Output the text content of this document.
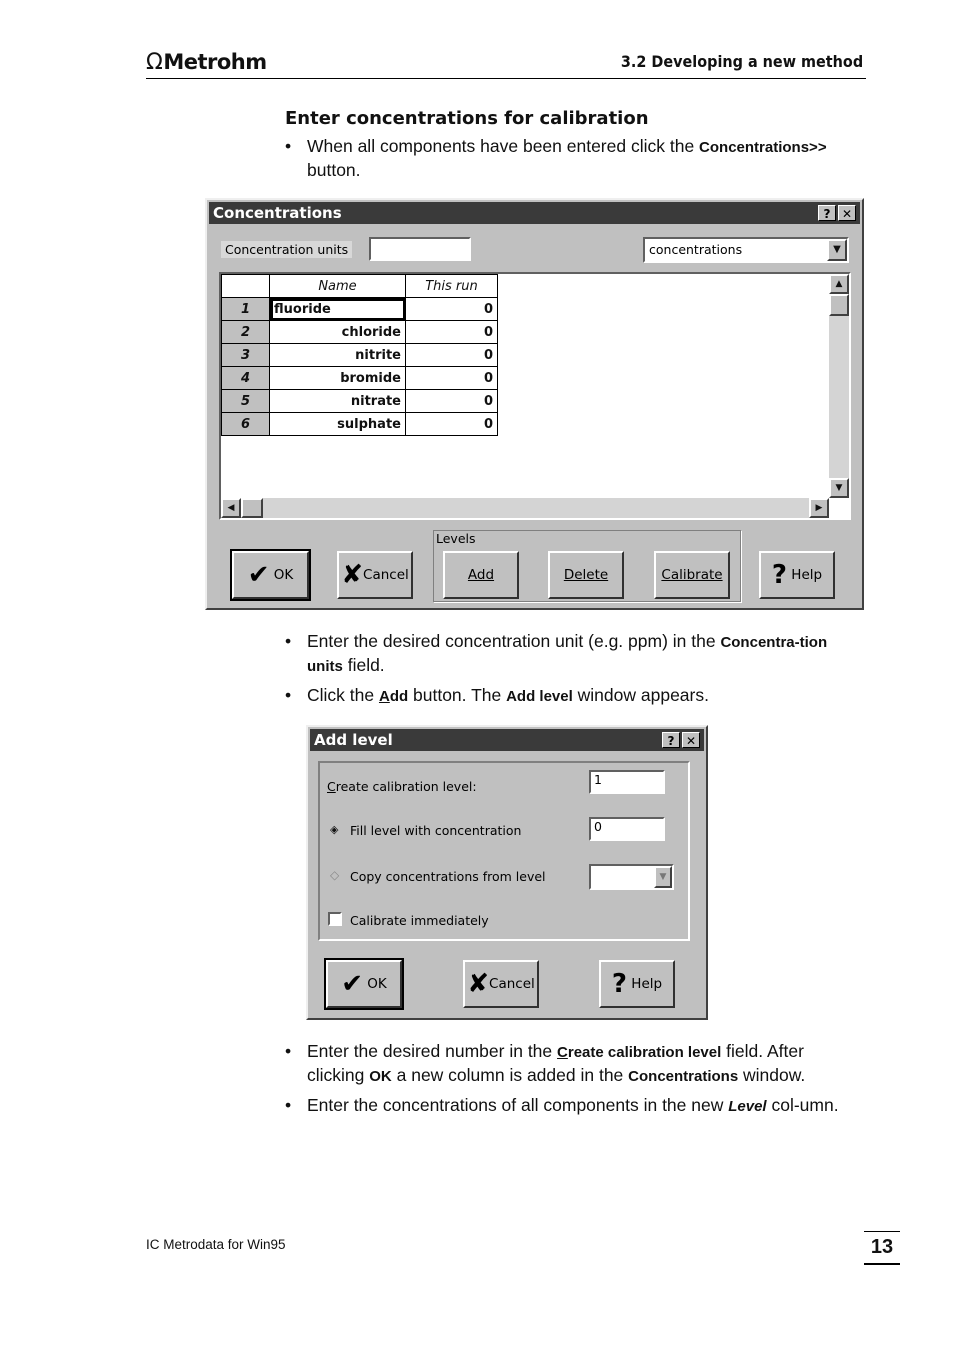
ΩMetrohm	3.2 Developing a new method
Enter concentrations for calibration
• When all components have been entered click the Concentrations>>
button.
Concentrations	? ✕
Concentration units	concentrations	▼
	Name	This run
1	fluoride	0
2	chloride	0
3	nitrite	0
4	bromide	0
5	nitrate	0
6	sulphate	0
▲
▼
◀	▶
Levels
✔ OK	✘Cancel	Add	Delete	Calibrate	? Help
• Enter the desired concentration unit (e.g. ppm) in the Concentra-tion units field.
• Click the Add button. The Add level window appears.
Add level	? ✕
Create calibration level:	1
◈ Fill level with concentration	0
◇ Copy concentrations from level	▼
Calibrate immediately
✔ OK	✘Cancel	? Help
• Enter the desired number in the Create calibration level field. After clicking OK a new column is added in the Concentrations window.
• Enter the concentrations of all components in the new Level col-umn.
IC Metrodata for Win95	13
